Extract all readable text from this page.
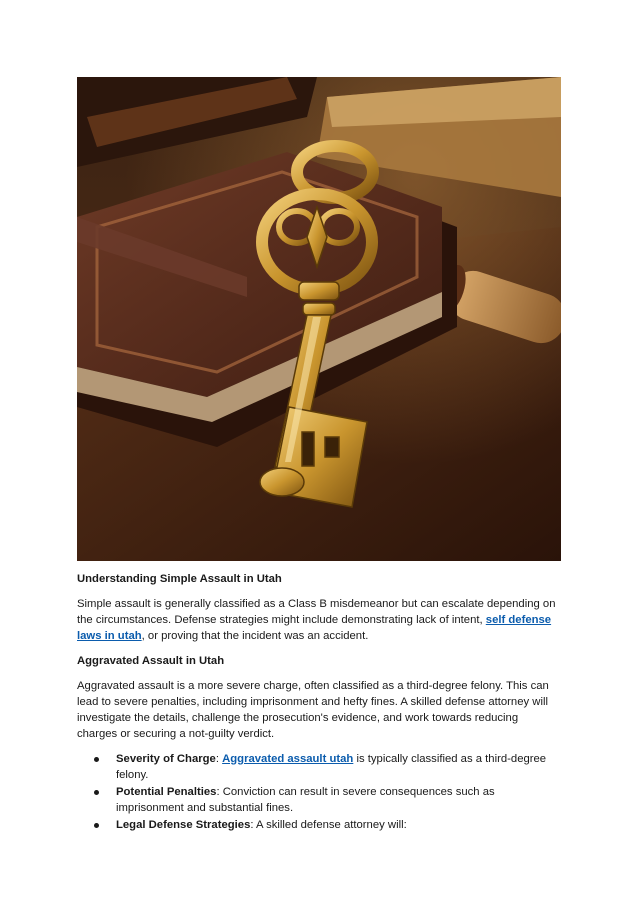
Understanding Simple Assault in Utah

Simple assault is generally classified as a Class B misdemeanor but can escalate depending on the circumstances. Defense strategies might include demonstrating lack of intent, self defense laws in utah, or proving that the incident was an accident.

Aggravated Assault in Utah

Aggravated assault is a more severe charge, often classified as a third-degree felony. This can lead to severe penalties, including imprisonment and hefty fines. A skilled defense attorney will investigate the details, challenge the prosecution's evidence, and work towards reducing charges or securing a not-guilty verdict.

Severity of Charge: Aggravated assault utah is typically classified as a third-degree felony.
Potential Penalties: Conviction can result in severe consequences such as imprisonment and substantial fines.
Legal Defense Strategies: A skilled defense attorney will:
